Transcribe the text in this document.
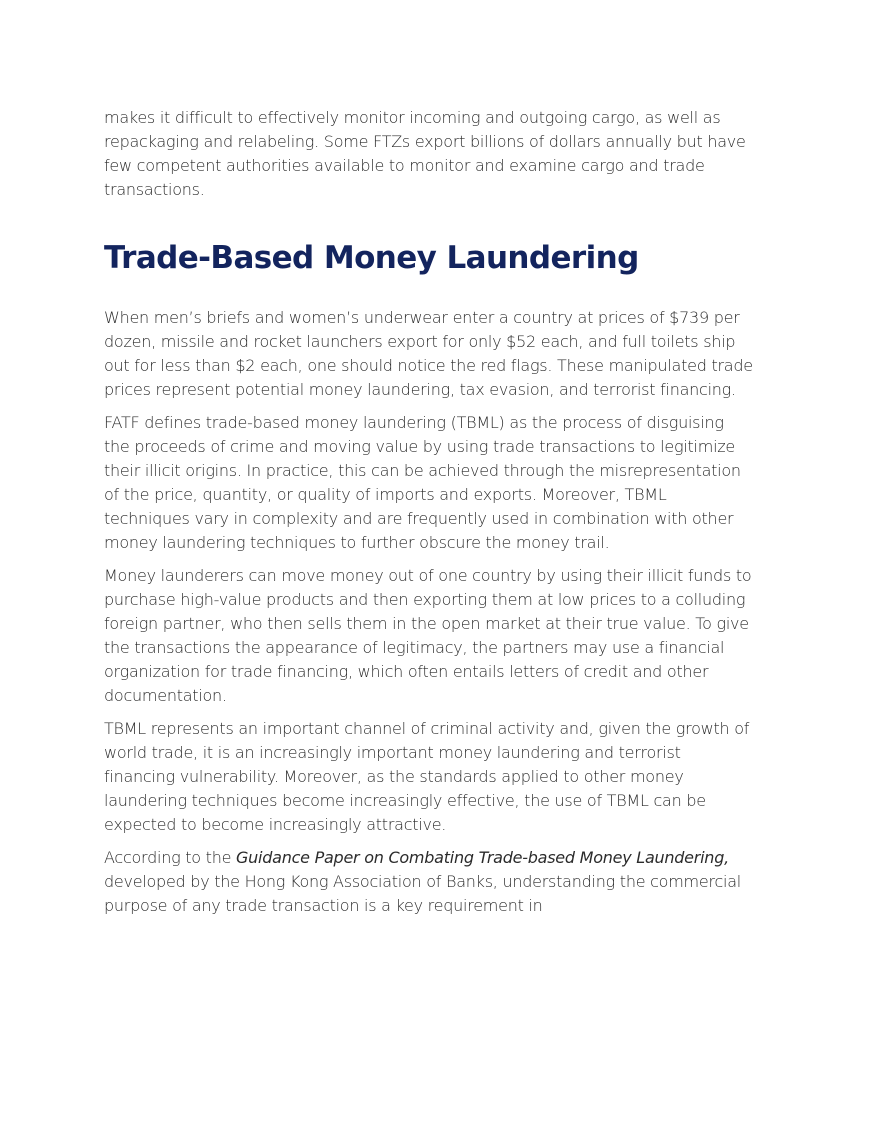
makes it difficult to effectively monitor incoming and outgoing cargo, as well as repackaging and relabeling. Some FTZs export billions of dollars annually but have few competent authorities available to monitor and examine cargo and trade transactions.

Trade-Based Money Laundering

When men’s briefs and women’s underwear enter a country at prices of $739 per dozen, missile and rocket launchers export for only $52 each, and full toilets ship out for less than $2 each, one should notice the red flags. These manipulated trade prices represent potential money laundering, tax evasion, and terrorist financing.

FATF defines trade-based money laundering (TBML) as the process of disguising the proceeds of crime and moving value by using trade transactions to legitimize their illicit origins. In practice, this can be achieved through the misrepresentation of the price, quantity, or quality of imports and exports. Moreover, TBML techniques vary in complexity and are frequently used in combination with other money laundering techniques to further obscure the money trail.

Money launderers can move money out of one country by using their illicit funds to purchase high-value products and then exporting them at low prices to a colluding foreign partner, who then sells them in the open market at their true value. To give the transactions the appearance of legitimacy, the partners may use a financial organization for trade financing, which often entails letters of credit and other documentation.

TBML represents an important channel of criminal activity and, given the growth of world trade, it is an increasingly important money laundering and terrorist financing vulnerability. Moreover, as the standards applied to other money laundering techniques become increasingly effective, the use of TBML can be expected to become increasingly attractive.

According to the Guidance Paper on Combating Trade-based Money Laundering, developed by the Hong Kong Association of Banks, understanding the commercial purpose of any trade transaction is a key requirement in
